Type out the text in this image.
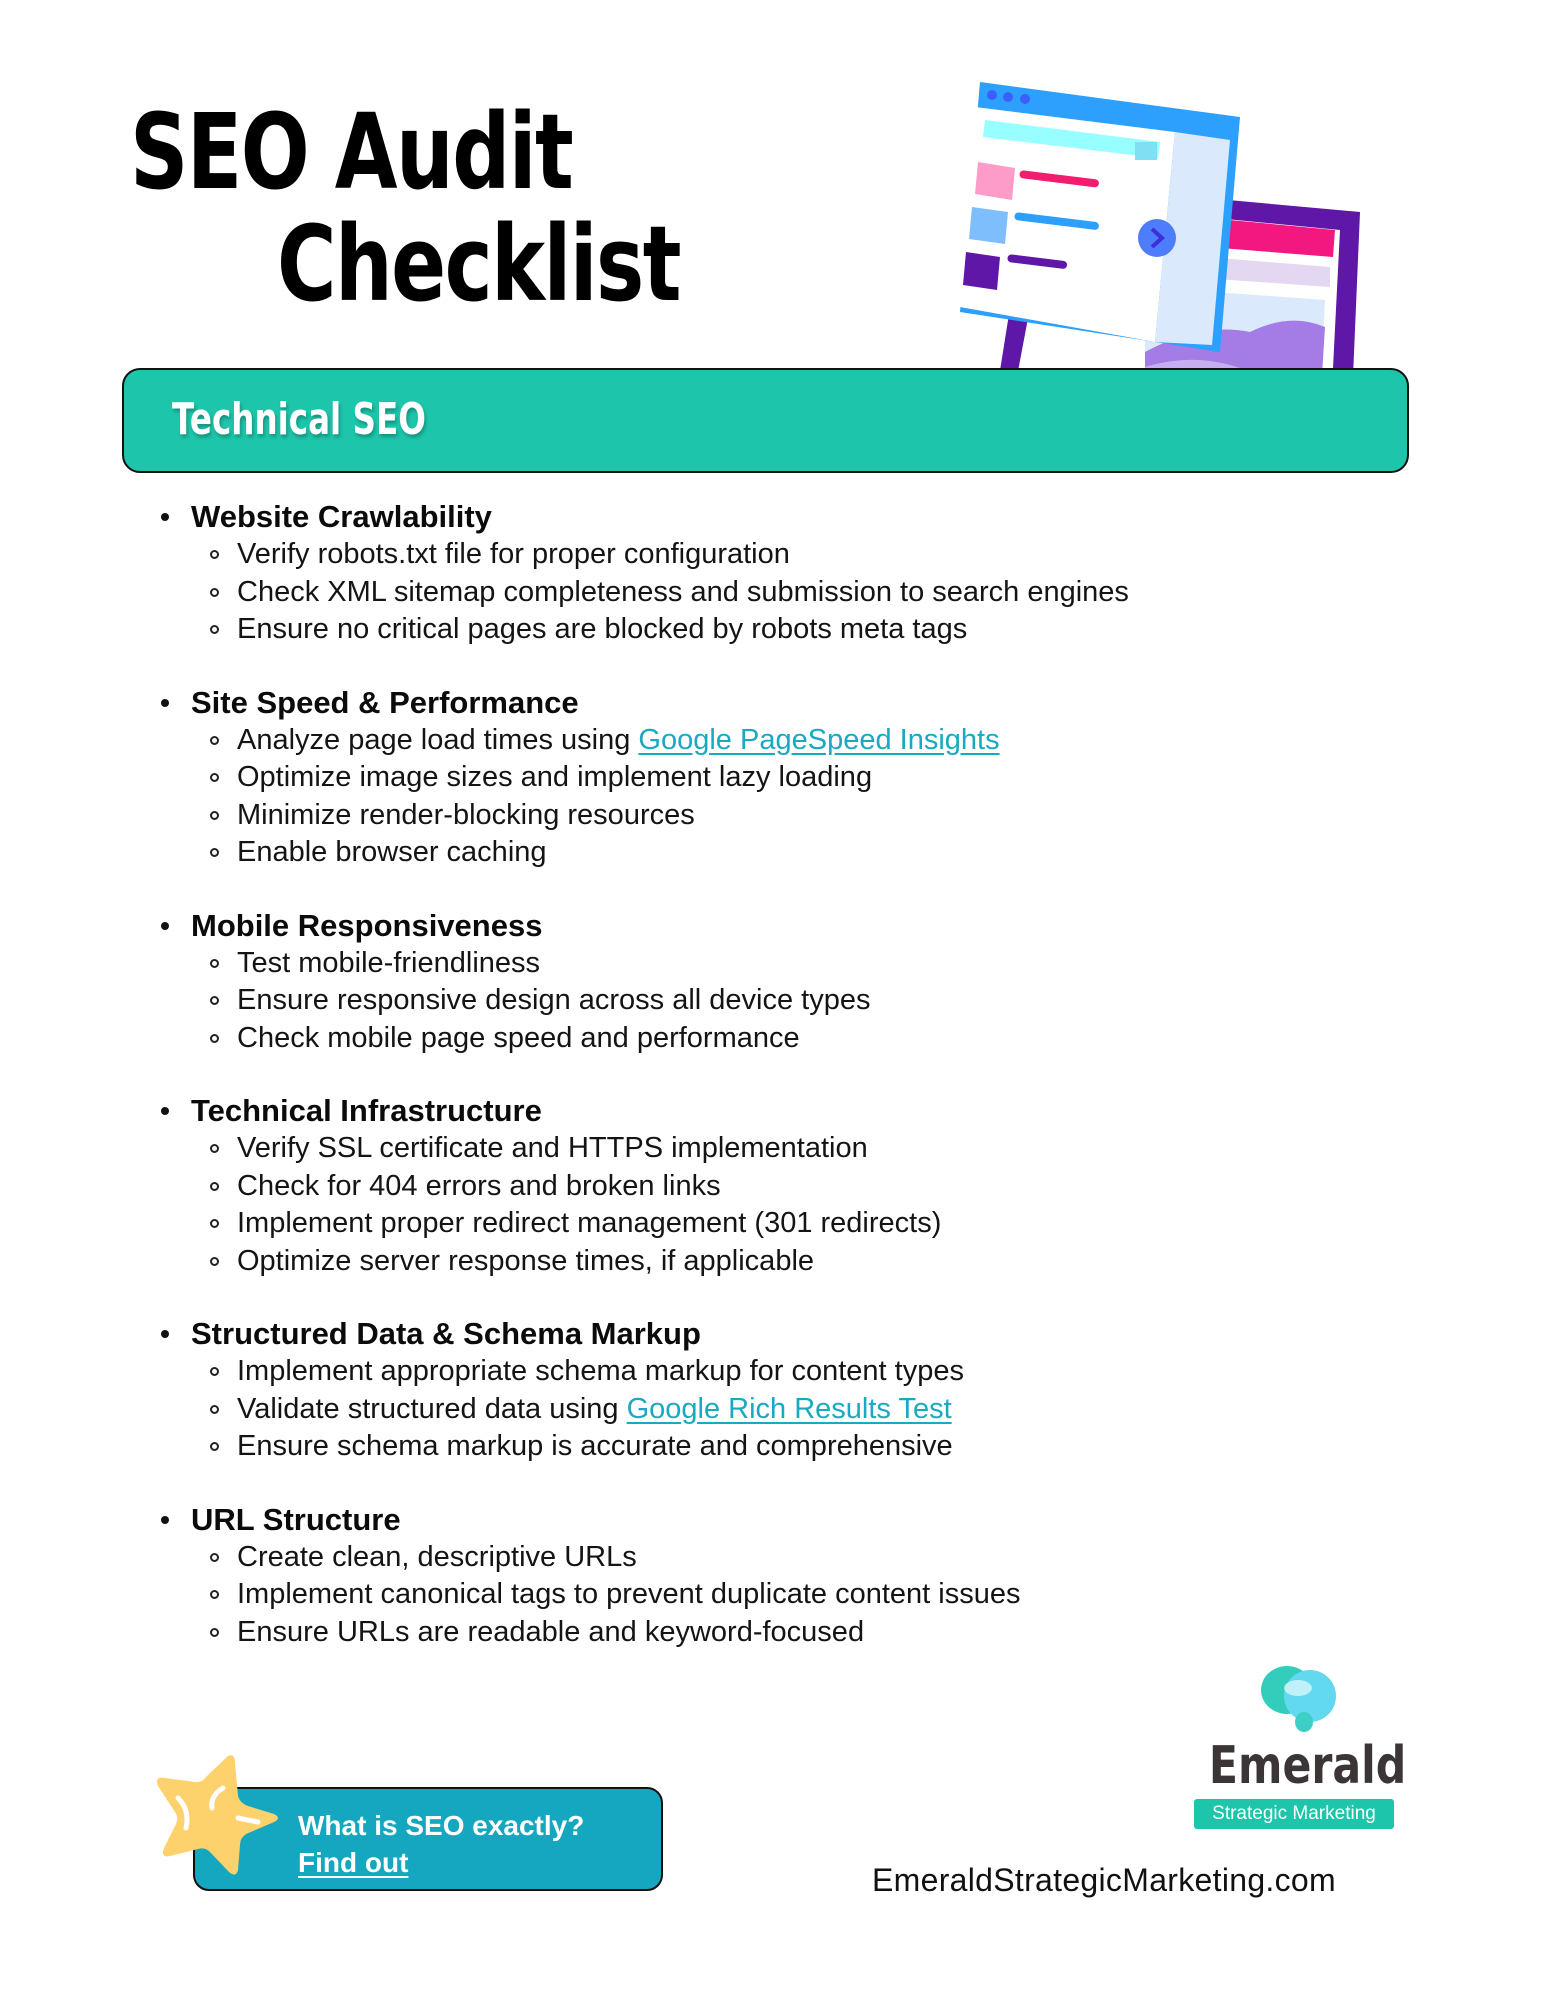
SEO Audit
Checklist
Technical SEO
Website Crawlability
Verify robots.txt file for proper configuration
Check XML sitemap completeness and submission to search engines
Ensure no critical pages are blocked by robots meta tags
Site Speed & Performance
Analyze page load times using Google PageSpeed Insights
Optimize image sizes and implement lazy loading
Minimize render-blocking resources
Enable browser caching
Mobile Responsiveness
Test mobile-friendliness
Ensure responsive design across all device types
Check mobile page speed and performance
Technical Infrastructure
Verify SSL certificate and HTTPS implementation
Check for 404 errors and broken links
Implement proper redirect management (301 redirects)
Optimize server response times, if applicable
Structured Data & Schema Markup
Implement appropriate schema markup for content types
Validate structured data using Google Rich Results Test
Ensure schema markup is accurate and comprehensive
URL Structure
Create clean, descriptive URLs
Implement canonical tags to prevent duplicate content issues
Ensure URLs are readable and keyword-focused
What is SEO exactly?
Find out
Emerald
Strategic Marketing
EmeraldStrategicMarketing.com
